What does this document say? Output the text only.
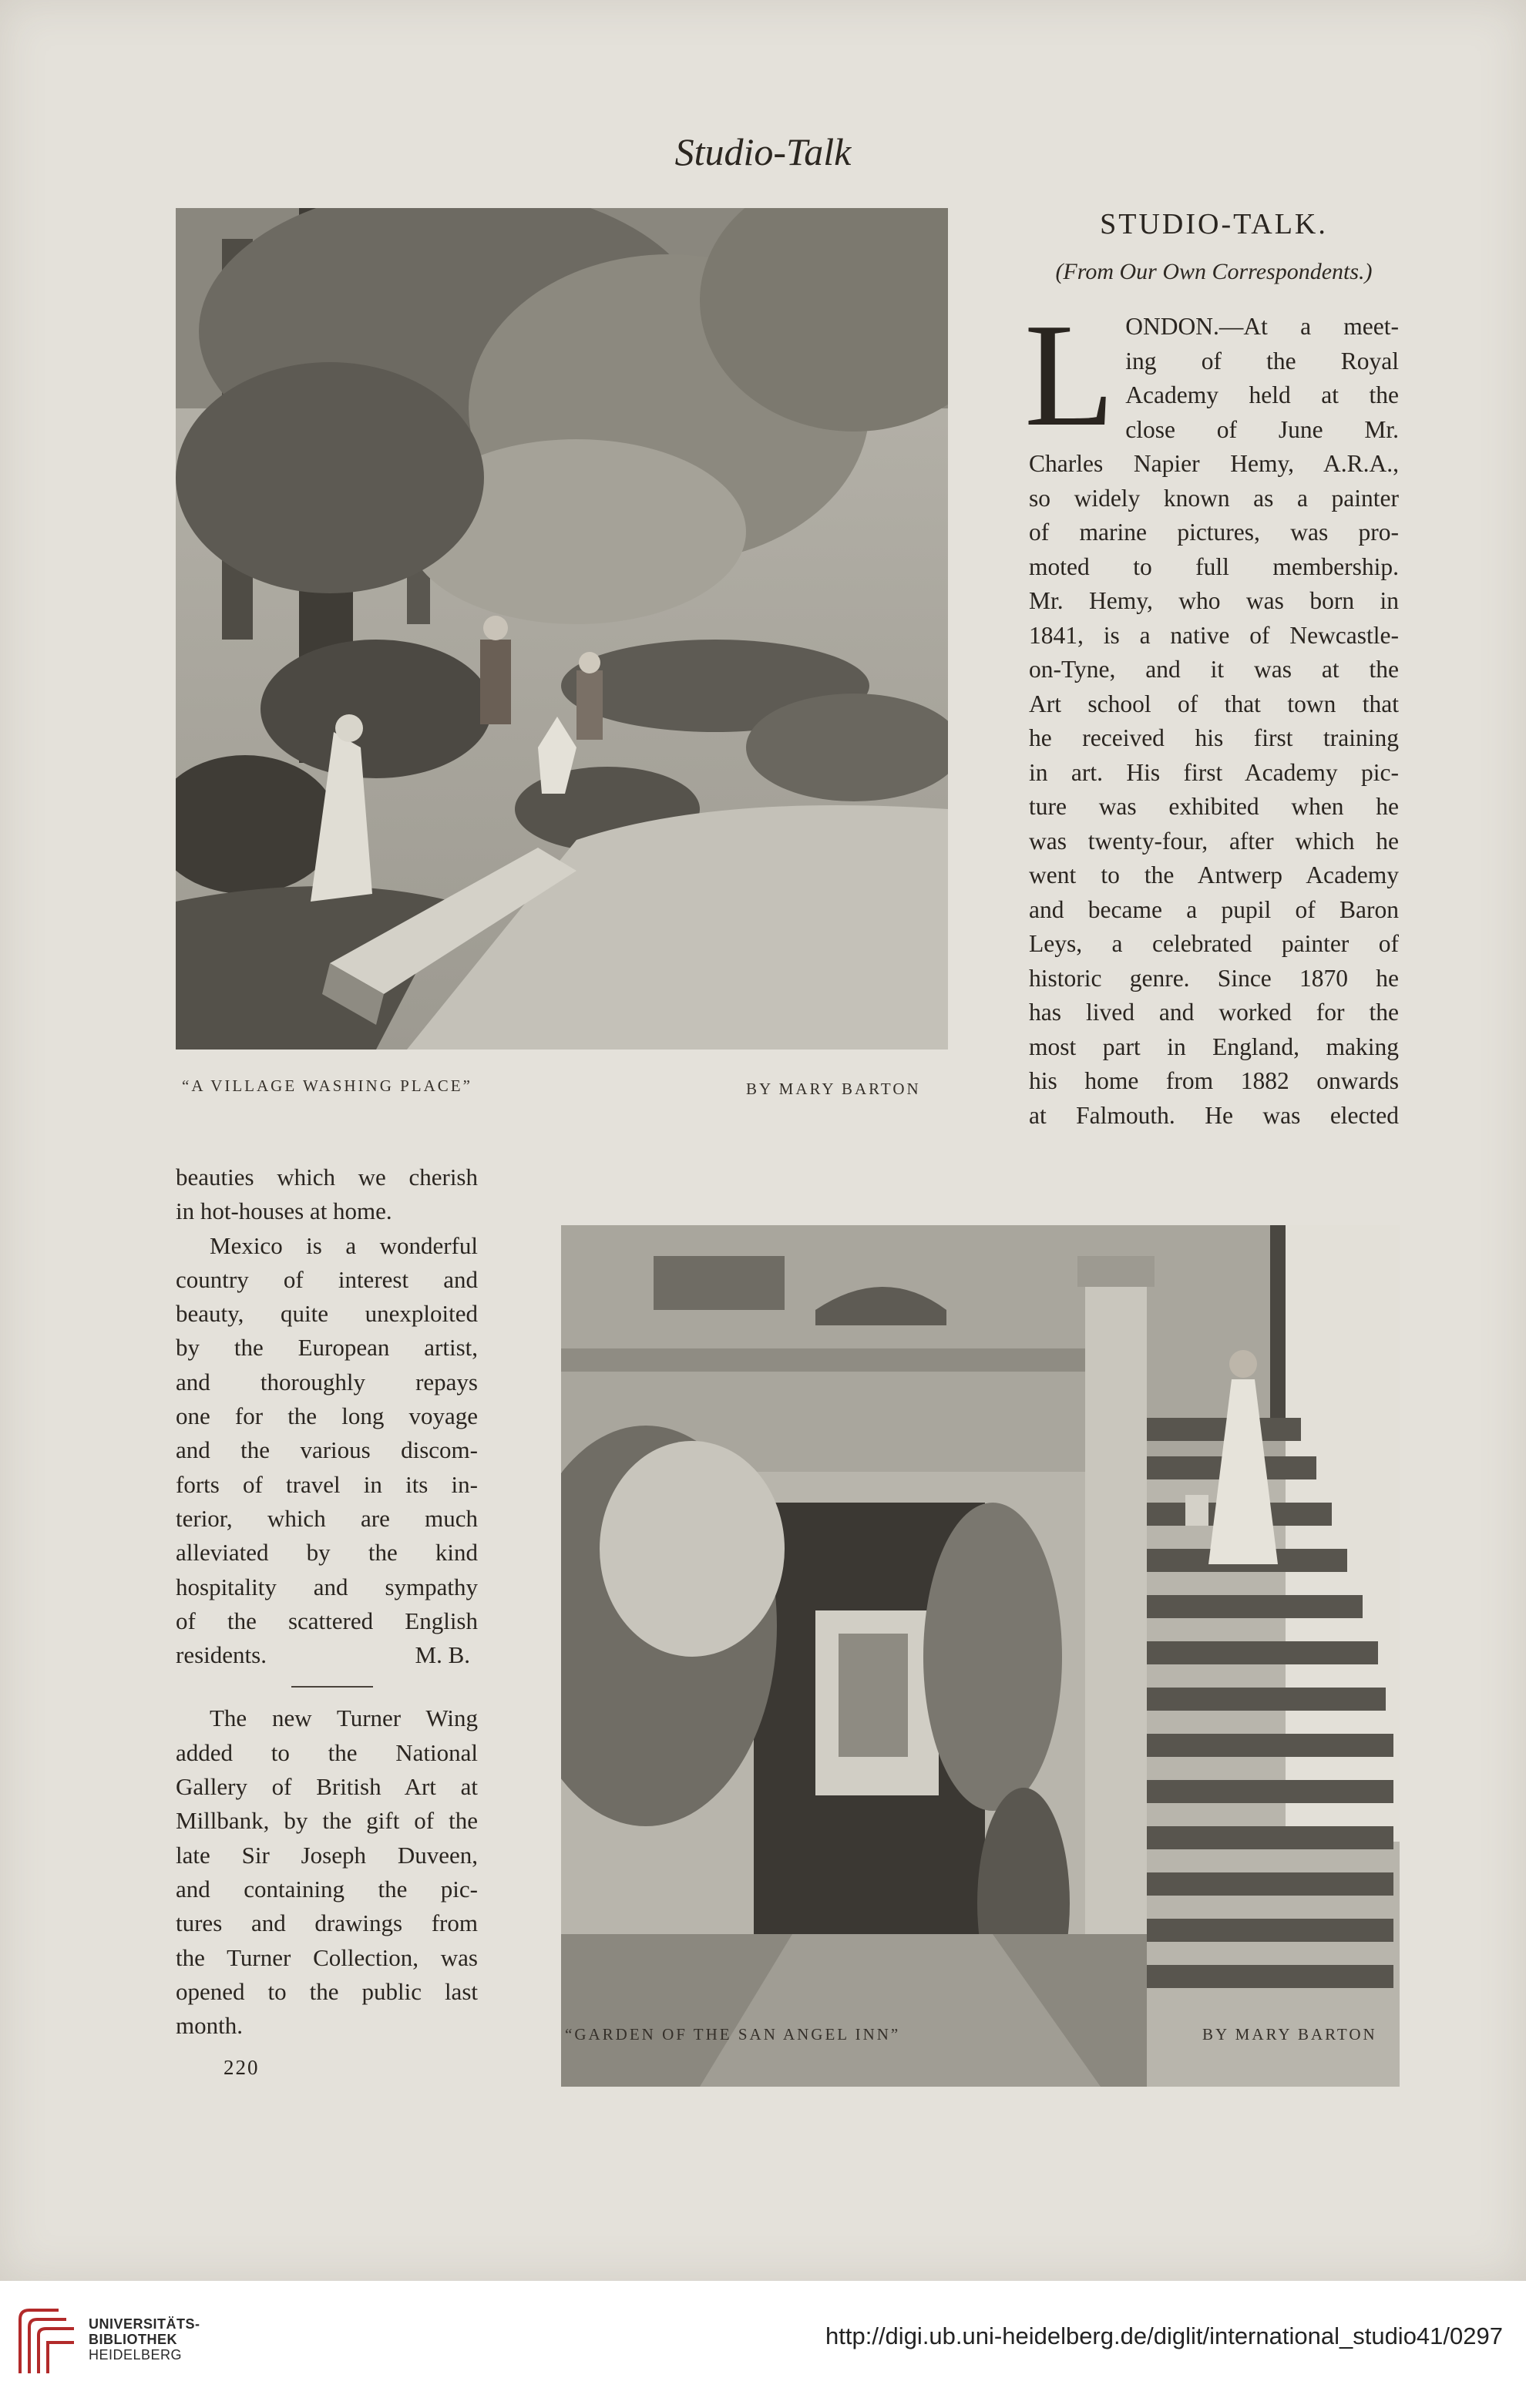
Studio-Talk
“A VILLAGE WASHING PLACE”	BY MARY BARTON
STUDIO-TALK.
(From Our Own Correspondents.)
L ONDON.—At a meet-
ing of the Royal
Academy held at the
close of June Mr.
Charles Napier Hemy, A.R.A.,
so widely known as a painter
of marine pictures, was pro-
moted to full membership.
Mr. Hemy, who was born in
1841, is a native of Newcastle-
on-Tyne, and it was at the
Art school of that town that
he received his first training
in art. His first Academy pic-
ture was exhibited when he
was twenty-four, after which he
went to the Antwerp Academy
and became a pupil of Baron
Leys, a celebrated painter of
historic genre. Since 1870 he
has lived and worked for the
most part in England, making
his home from 1882 onwards
at Falmouth. He was elected
“GARDEN OF THE SAN ANGEL INN”	BY MARY BARTON
beauties which we cherish
in hot-houses at home.
Mexico is a wonderful
country of interest and
beauty, quite unexploited
by the European artist,
and thoroughly repays
one for the long voyage
and the various discom-
forts of travel in its in-
terior, which are much
alleviated by the kind
hospitality and sympathy
of the scattered English
residents.	M. B.
The new Turner Wing
added to the National
Gallery of British Art at
Millbank, by the gift of the
late Sir Joseph Duveen,
and containing the pic-
tures and drawings from
the Turner Collection, was
opened to the public last
month.
220
UNIVERSITÄTS-
BIBLIOTHEK
HEIDELBERG
http://digi.ub.uni-heidelberg.de/diglit/international_studio41/0297
